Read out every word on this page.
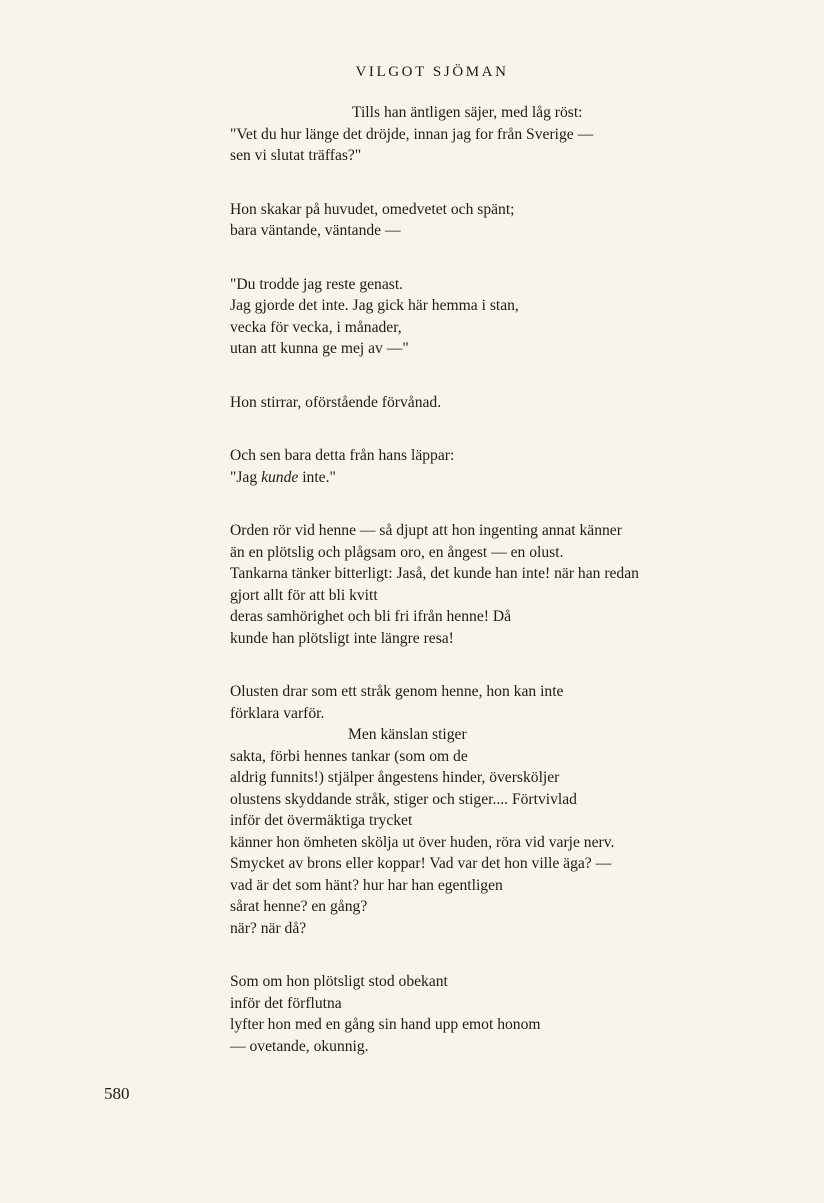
VILGOT SJÖMAN
Tills han äntligen säjer, med låg röst:
"Vet du hur länge det dröjde, innan jag for från Sverige —
sen vi slutat träffas?"
Hon skakar på huvudet, omedvetet och spänt;
bara väntande, väntande —
"Du trodde jag reste genast.
Jag gjorde det inte. Jag gick här hemma i stan,
vecka för vecka, i månader,
utan att kunna ge mej av —"
Hon stirrar, oförstående förvånad.
Och sen bara detta från hans läppar:
"Jag kunde inte."
Orden rör vid henne — så djupt att hon ingenting annat känner
än en plötslig och plågsam oro, en ångest — en olust.
Tankarna tänker bitterligt: Jaså, det kunde han inte! när han redan
gjort allt för att bli kvitt
deras samhörighet och bli fri ifrån henne! Då
kunde han plötsligt inte längre resa!
Olusten drar som ett stråk genom henne, hon kan inte
förklara varför.
Men känslan stiger
sakta, förbi hennes tankar (som om de
aldrig funnits!) stjälper ångestens hinder, översköljer
olustens skyddande stråk, stiger och stiger.... Förtvivlad
inför det övermäktiga trycket
känner hon ömheten skölja ut över huden, röra vid varje nerv.
Smycket av brons eller koppar! Vad var det hon ville äga? —
vad är det som hänt? hur har han egentligen
sårat henne? en gång?
när? när då?
Som om hon plötsligt stod obekant
inför det förflutna
lyfter hon med en gång sin hand upp emot honom
— ovetande, okunnig.
580
